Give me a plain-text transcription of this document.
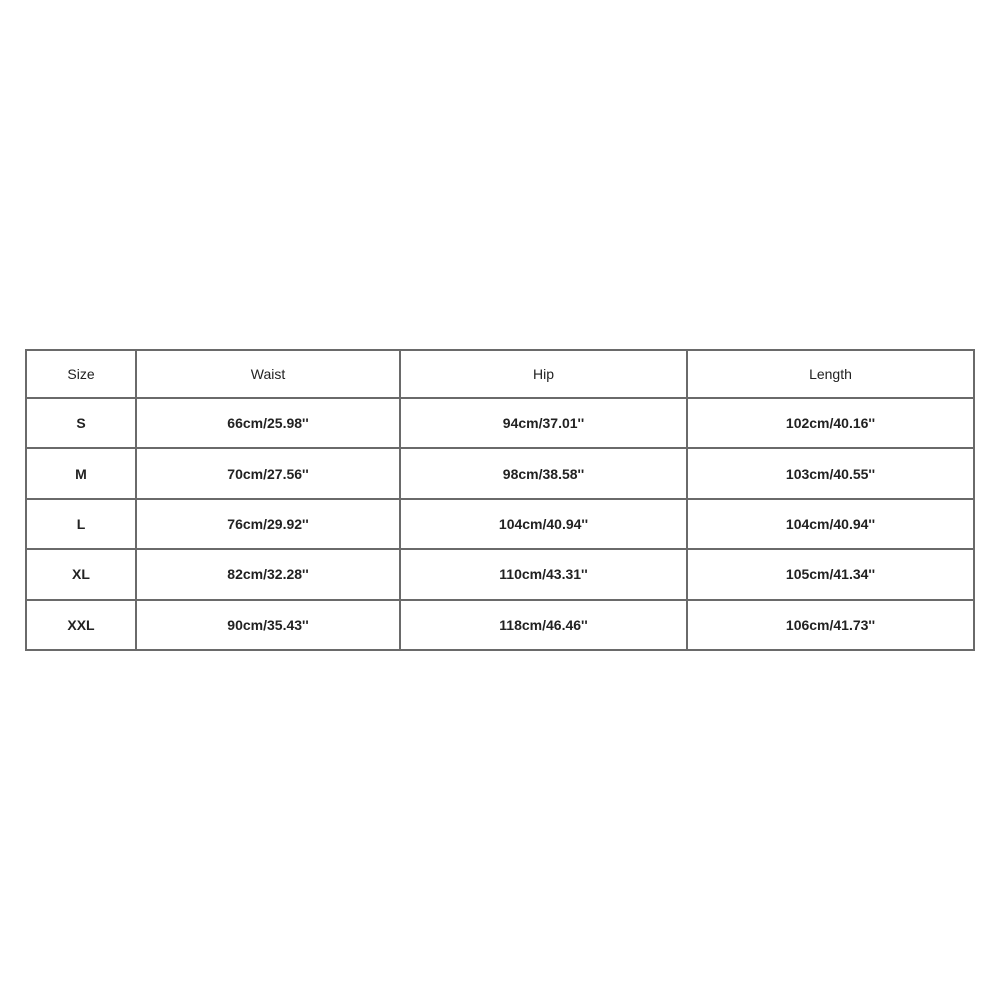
Size	Waist	Hip	Length
S	66cm/25.98''	94cm/37.01''	102cm/40.16''
M	70cm/27.56''	98cm/38.58''	103cm/40.55''
L	76cm/29.92''	104cm/40.94''	104cm/40.94''
XL	82cm/32.28''	110cm/43.31''	105cm/41.34''
XXL	90cm/35.43''	118cm/46.46''	106cm/41.73''
